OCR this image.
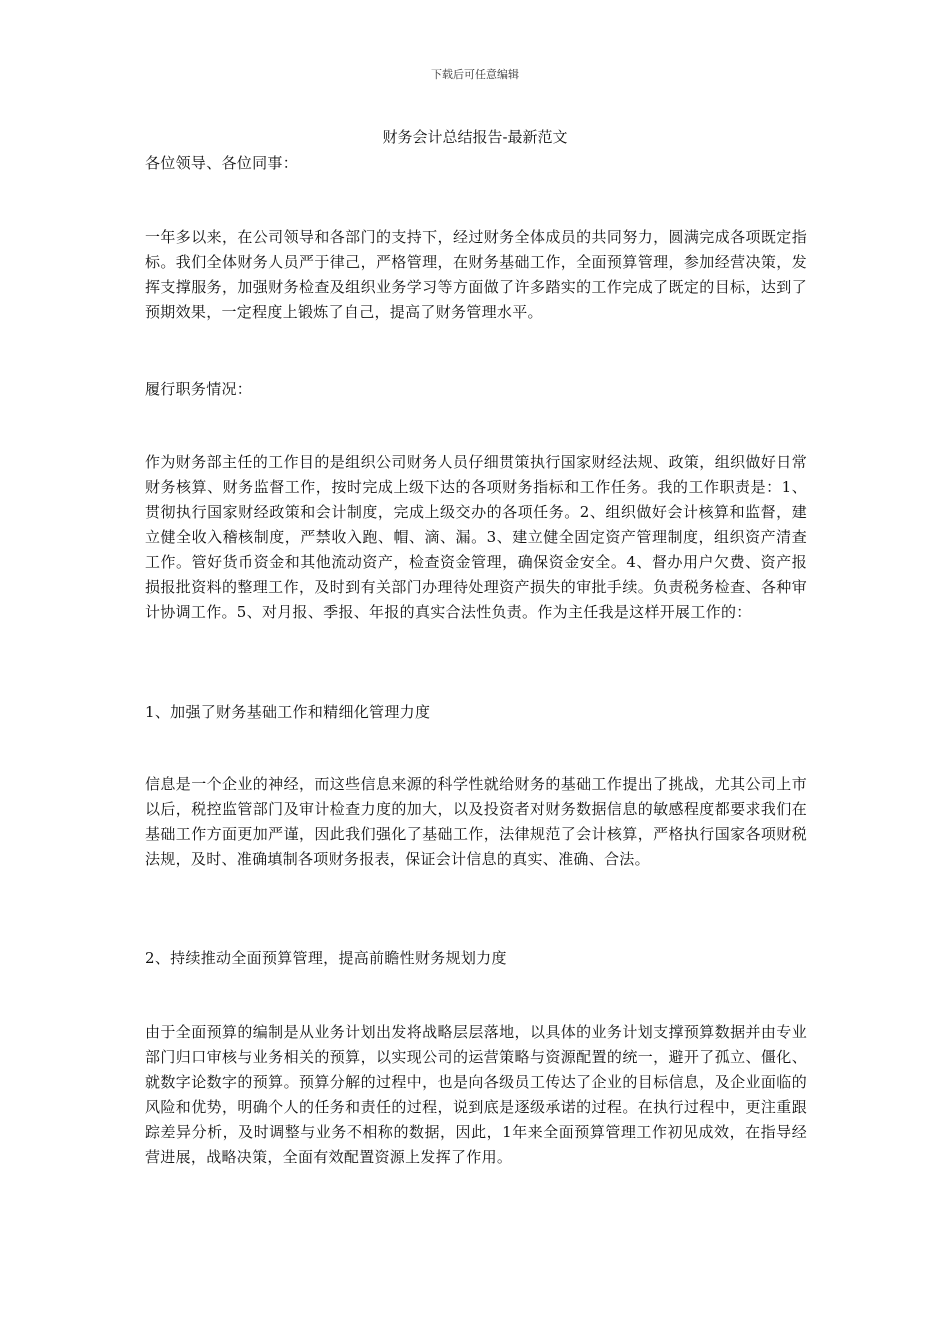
下载后可任意编辑
财务会计总结报告-最新范文
各位领导、各位同事：
一年多以来，在公司领导和各部门的支持下，经过财务全体成员的共同努力，圆满完成各项既定指标。我们全体财务人员严于律己，严格管理，在财务基础工作，全面预算管理，参加经营决策，发挥支撑服务，加强财务检查及组织业务学习等方面做了许多踏实的工作完成了既定的目标，达到了预期效果，一定程度上锻炼了自己，提高了财务管理水平。
履行职务情况：
作为财务部主任的工作目的是组织公司财务人员仔细贯策执行国家财经法规、政策，组织做好日常财务核算、财务监督工作，按时完成上级下达的各项财务指标和工作任务。我的工作职责是：1、贯彻执行国家财经政策和会计制度，完成上级交办的各项任务。2、组织做好会计核算和监督，建立健全收入稽核制度，严禁收入跑、帽、滴、漏。3、建立健全固定资产管理制度，组织资产清查工作。管好货币资金和其他流动资产，检查资金管理，确保资金安全。4、督办用户欠费、资产报损报批资料的整理工作，及时到有关部门办理待处理资产损失的审批手续。负责税务检查、各种审计协调工作。5、对月报、季报、年报的真实合法性负责。作为主任我是这样开展工作的：
1、加强了财务基础工作和精细化管理力度
信息是一个企业的神经，而这些信息来源的科学性就给财务的基础工作提出了挑战，尤其公司上市以后，税控监管部门及审计检查力度的加大，以及投资者对财务数据信息的敏感程度都要求我们在基础工作方面更加严谨，因此我们强化了基础工作，法律规范了会计核算，严格执行国家各项财税法规，及时、准确填制各项财务报表，保证会计信息的真实、准确、合法。
2、持续推动全面预算管理，提高前瞻性财务规划力度
由于全面预算的编制是从业务计划出发将战略层层落地，以具体的业务计划支撑预算数据并由专业部门归口审核与业务相关的预算，以实现公司的运营策略与资源配置的统一，避开了孤立、僵化、就数字论数字的预算。预算分解的过程中，也是向各级员工传达了企业的目标信息，及企业面临的风险和优势，明确个人的任务和责任的过程，说到底是逐级承诺的过程。在执行过程中，更注重跟踪差异分析，及时调整与业务不相称的数据，因此，1年来全面预算管理工作初见成效，在指导经营进展，战略决策，全面有效配置资源上发挥了作用。
